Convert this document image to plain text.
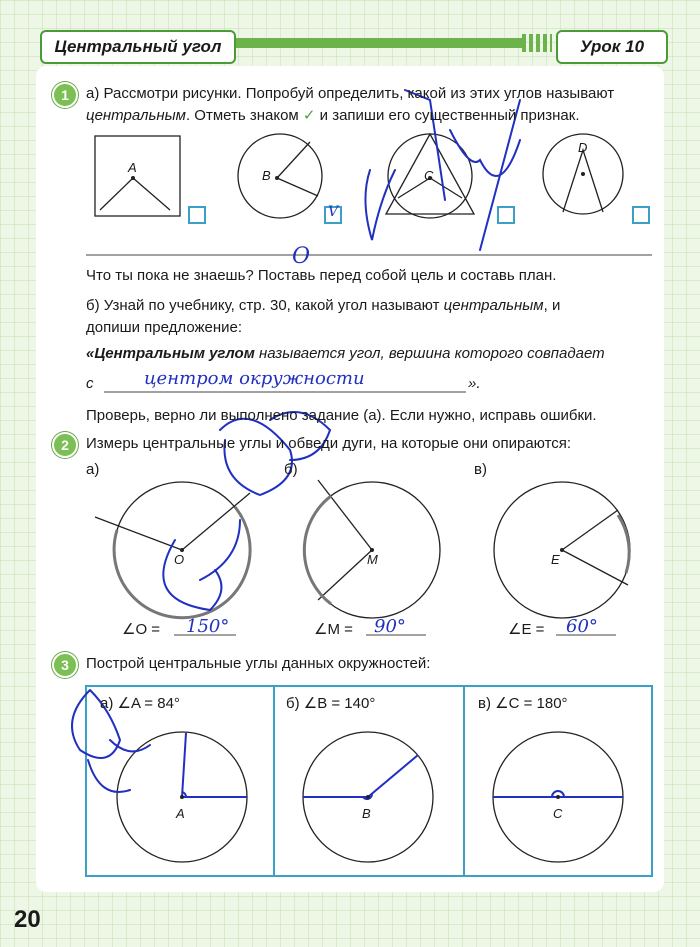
Центральный угол	Урок 10
1	а) Рассмотри рисунки. Попробуй определить, какой из этих углов называют
центральным. Отметь знаком ✓ и запиши его существенный признак.
A
B	C
D
V
О
Что ты пока не знаешь? Поставь перед собой цель и составь план.
б) Узнай по учебнику, стр. 30, какой угол называют центральным, и
допиши предложение:
«Центральным углом называется угол, вершина которого совпадает
с	центром окружности	».
Проверь, верно ли выполнено задание (а). Если нужно, исправь ошибки.
2	Измерь центральные углы и обведи дуги, на которые они опираются:
а)	б)	в)
O	M	E
∠O = 150°	∠M = 90°	∠E = 60°
3	Построй центральные углы данных окружностей:
а) ∠A = 84°	б) ∠B = 140°	в) ∠C = 180°
A	B	C
20
